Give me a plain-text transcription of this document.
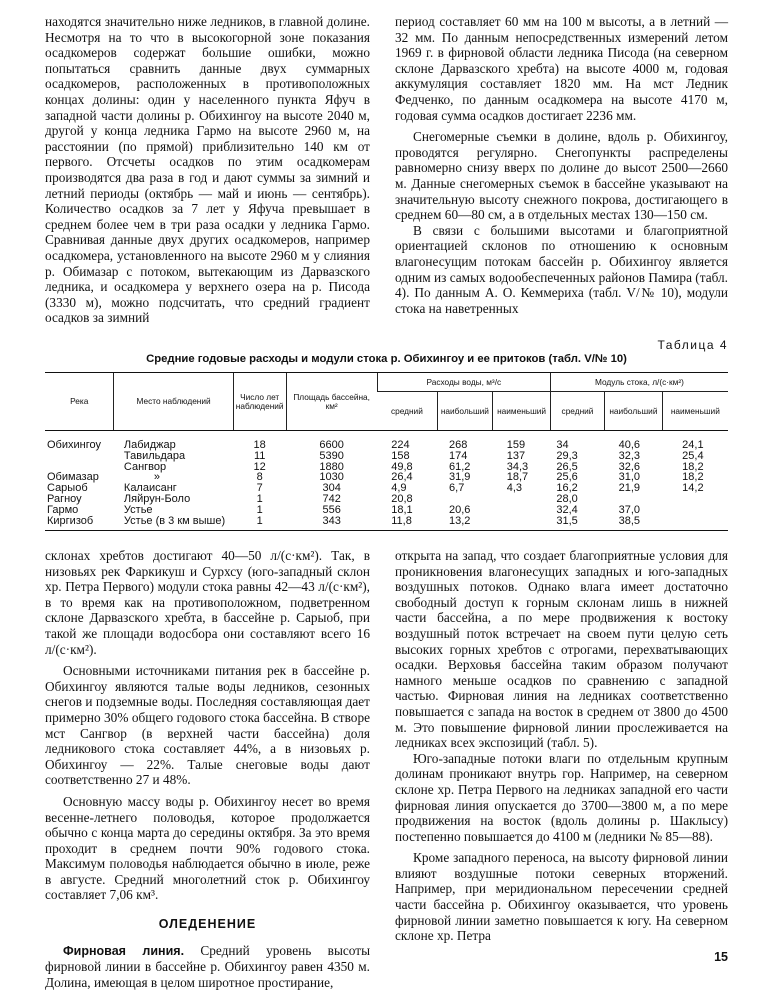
находятся значительно ниже ледников, в главной долине. Несмотря на то что в высокогорной зоне показания осадкомеров содержат большие ошибки, можно попытаться сравнить данные двух суммарных осадкомеров, расположенных в противоположных концах долины: один у населенного пункта Яфуч в западной части долины р. Обихингоу на высоте 2040 м, другой у конца ледника Гармо на высоте 2960 м, на расстоянии (по прямой) приблизительно 140 км от первого. Отсчеты осадков по этим осадкомерам производятся два раза в год и дают суммы за зимний и летний периоды (октябрь — май и июнь — сентябрь). Количество осадков за 7 лет у Яфуча превышает в среднем более чем в три раза осадки у ледника Гармо. Сравнивая данные двух других осадкомеров, например осадкомера, установленного на высоте 2960 м у слияния р. Обимазар с потоком, вытекающим из Дарвазского ледника, и осадкомера у верхнего озера на р. Писода (3330 м), можно подсчитать, что средний градиент осадков за зимний

период составляет 60 мм на 100 м высоты, а в летний — 32 мм. По данным непосредственных измерений летом 1969 г. в фирновой области ледника Писода (на северном склоне Дарвазского хребта) на высоте 4000 м, годовая аккумуляция составляет 1820 мм. На мст Ледник Федченко, по данным осадкомера на высоте 4170 м, годовая сумма осадков достигает 2236 мм.

Снегомерные съемки в долине, вдоль р. Обихингоу, проводятся регулярно. Снегопункты распределены равномерно снизу вверх по долине до высот 2500—2660 м. Данные снегомерных съемок в бассейне указывают на значительную высоту снежного покрова, достигающего в среднем 60—80 см, а в отдельных местах 130—150 см.

В связи с большими высотами и благоприятной ориентацией склонов по отношению к основным влагонесущим потокам бассейн р. Обихингоу является одним из самых водообеспеченных районов Памира (табл. 4). По данным А. О. Кеммериха (табл. V/№ 10), модули стока на наветренных

Таблица 4
Средние годовые расходы и модули стока р. Обихингоу и ее притоков (табл. V/№ 10)
Река	Место наблюдений	Число лет наблюдений	Площадь бассейна, км²	Расходы воды, м³/с			Модуль стока, л/(с·км²)		
				средний	наибольший	наименьший	средний	наибольший	наименьший
Обихингоу	Лабиджар	18	6600	224	268	159	34	40,6	24,1
	Тавильдара	11	5390	158	174	137	29,3	32,3	25,4
	Сангвор	12	1880	49,8	61,2	34,3	26,5	32,6	18,2
Обимазар	»	8	1030	26,4	31,9	18,7	25,6	31,0	18,2
Сарыоб	Калаисанг	7	304	4,9	6,7	4,3	16,2	21,9	14,2
Рагноу	Ляйрун-Боло	1	742	20,8			28,0		
Гармо	Устье	1	556	18,1	20,6		32,4	37,0	
Киргизоб	Устье (в 3 км выше)	1	343	11,8	13,2		31,5	38,5	

склонах хребтов достигают 40—50 л/(с·км²). Так, в низовьях рек Фаркикуш и Сурхсу (юго-западный склон хр. Петра Первого) модули стока равны 42—43 л/(с·км²), в то время как на противоположном, подветренном склоне Дарвазского хребта, в бассейне р. Сарыоб, при такой же площади водосбора они составляют всего 16 л/(с·км²).

Основными источниками питания рек в бассейне р. Обихингоу являются талые воды ледников, сезонных снегов и подземные воды. Последняя составляющая дает примерно 30% общего годового стока бассейна. В створе мст Сангвор (в верхней части бассейна) доля ледникового стока составляет 44%, а в низовьях р. Обихингоу — 22%. Талые снеговые воды дают соответственно 27 и 48%.

Основную массу воды р. Обихингоу несет во время весенне-летнего половодья, которое продолжается обычно с конца марта до середины октября. За это время проходит в среднем почти 90% годового стока. Максимум половодья наблюдается обычно в июле, реже в августе. Средний многолетний сток р. Обихингоу составляет 7,06 км³.

ОЛЕДЕНЕНИЕ

Фирновая линия. Средний уровень высоты фирновой линии в бассейне р. Обихингоу равен 4350 м. Долина, имеющая в целом широтное простирание,

открыта на запад, что создает благоприятные условия для проникновения влагонесущих западных и юго-западных воздушных потоков. Однако влага имеет достаточно свободный доступ к горным склонам лишь в нижней части бассейна, а по мере продвижения к востоку воздушный поток встречает на своем пути целую сеть высоких горных хребтов с отрогами, перехватывающих осадки. Верховья бассейна таким образом получают намного меньше осадков по сравнению с западной частью. Фирновая линия на ледниках соответственно повышается с запада на восток в среднем от 3800 до 4500 м. Это повышение фирновой линии прослеживается на ледниках всех экспозиций (табл. 5).

Юго-западные потоки влаги по отдельным крупным долинам проникают внутрь гор. Например, на северном склоне хр. Петра Первого на ледниках западной его части фирновая линия опускается до 3700—3800 м, а по мере продвижения на восток (вдоль долины р. Шаклысу) постепенно повышается до 4100 м (ледники № 85—88).

Кроме западного переноса, на высоту фирновой линии влияют воздушные потоки северных вторжений. Например, при меридиональном пересечении средней части бассейна р. Обихингоу оказывается, что уровень фирновой линии заметно повышается к югу. На северном склоне хр. Петра

15
